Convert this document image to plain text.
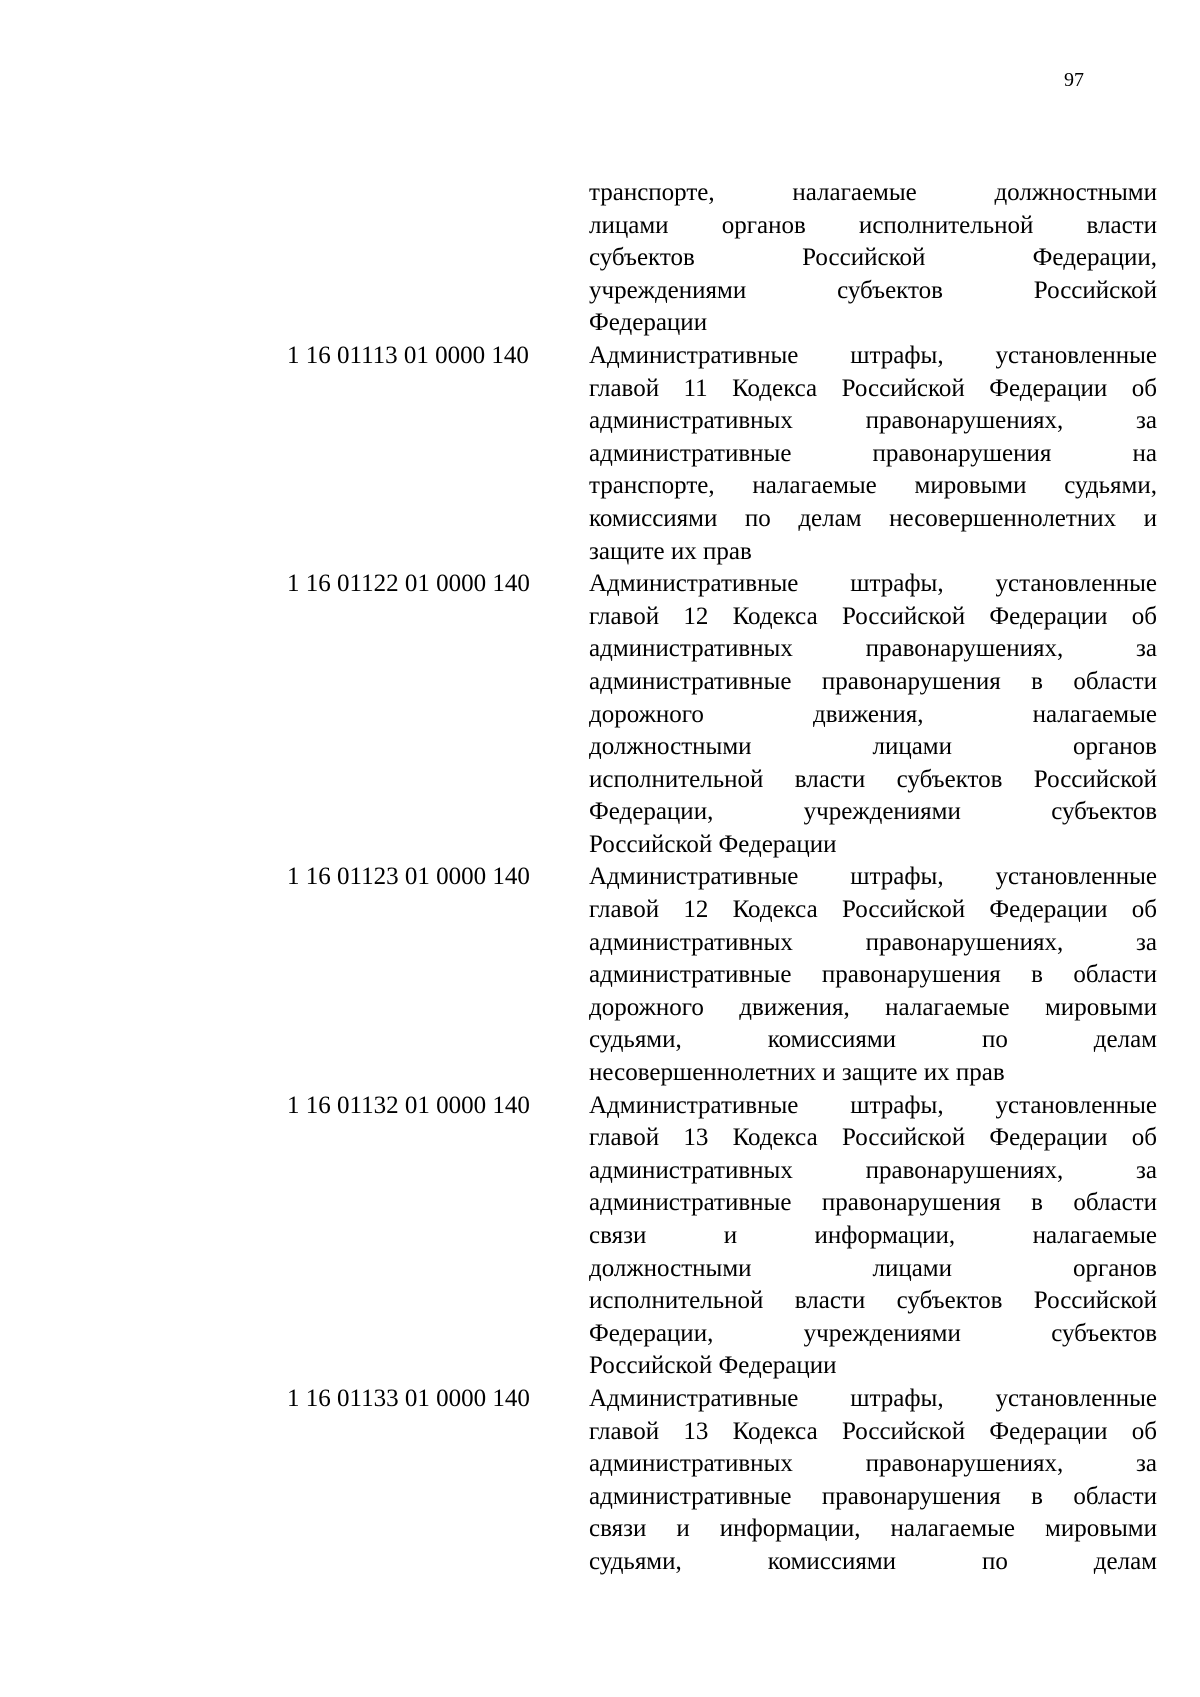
97
транспорте, налагаемые должностными
лицами органов исполнительной власти
субъектов Российской Федерации,
учреждениями субъектов Российской
Федерации
1 16 01113 01 0000 140	Административные штрафы, установленные
главой 11 Кодекса Российской Федерации об
административных правонарушениях, за
административные правонарушения на
транспорте, налагаемые мировыми судьями,
комиссиями по делам несовершеннолетних и
защите их прав
1 16 01122 01 0000 140	Административные штрафы, установленные
главой 12 Кодекса Российской Федерации об
административных правонарушениях, за
административные правонарушения в области
дорожного движения, налагаемые
должностными лицами органов
исполнительной власти субъектов Российской
Федерации, учреждениями субъектов
Российской Федерации
1 16 01123 01 0000 140	Административные штрафы, установленные
главой 12 Кодекса Российской Федерации об
административных правонарушениях, за
административные правонарушения в области
дорожного движения, налагаемые мировыми
судьями, комиссиями по делам
несовершеннолетних и защите их прав
1 16 01132 01 0000 140	Административные штрафы, установленные
главой 13 Кодекса Российской Федерации об
административных правонарушениях, за
административные правонарушения в области
связи и информации, налагаемые
должностными лицами органов
исполнительной власти субъектов Российской
Федерации, учреждениями субъектов
Российской Федерации
1 16 01133 01 0000 140	Административные штрафы, установленные
главой 13 Кодекса Российской Федерации об
административных правонарушениях, за
административные правонарушения в области
связи и информации, налагаемые мировыми
судьями, комиссиями по делам
